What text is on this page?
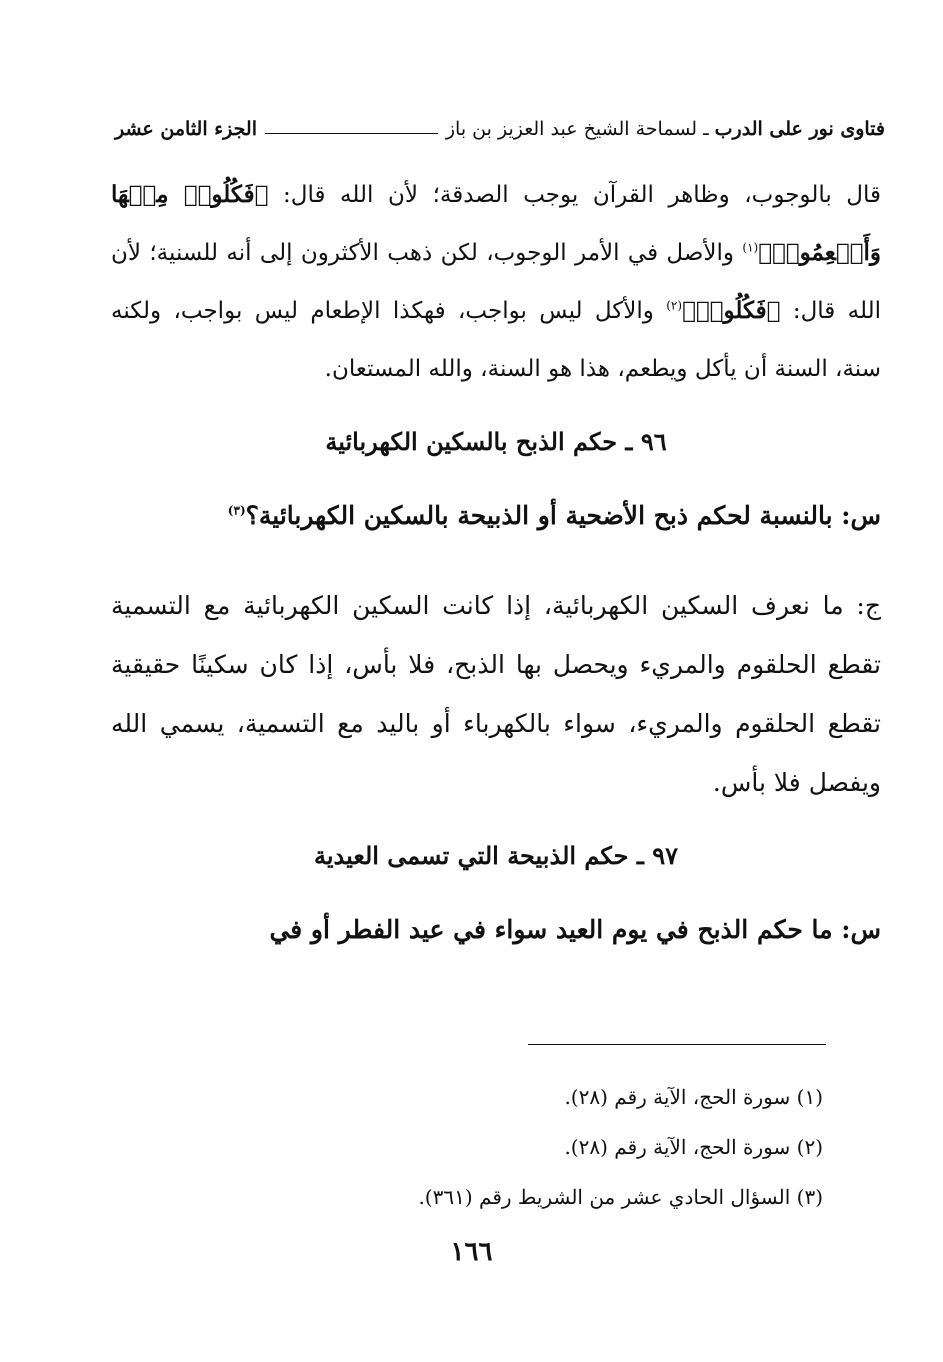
فتاوى نور على الدرب
ـ
لسماحة الشيخ عبد العزيز بن باز
الجزء الثامن عشر
قال بالوجوب، وظاهر القرآن يوجب الصدقة؛ لأن الله قال: ﴿فَكُلُوا۟ مِنۡهَا وَأَطۡعِمُوا۟﴾$^{(١)}$ والأصل في الأمر الوجوب، لكن ذهب الأكثرون إلى أنه للسنية؛ لأن الله قال: ﴿فَكُلُوا۟﴾$^{(٢)}$ والأكل ليس بواجب، فهكذا الإطعام ليس بواجب، ولكنه سنة، السنة أن يأكل ويطعم، هذا هو السنة، والله المستعان.
٩٦ ـ حكم الذبح بالسكين الكهربائية
س: بالنسبة لحكم ذبح الأضحية أو الذبيحة بالسكين الكهربائية؟$^{(٣)}$
ج: ما نعرف السكين الكهربائية، إذا كانت السكين الكهربائية مع التسمية تقطع الحلقوم والمريء ويحصل بها الذبح، فلا بأس، إذا كان سكينًا حقيقية تقطع الحلقوم والمريء، سواء بالكهرباء أو باليد مع التسمية، يسمي الله ويفصل فلا بأس.
٩٧ ـ حكم الذبيحة التي تسمى العيدية
س: ما حكم الذبح في يوم العيد سواء في عيد الفطر أو في
(١) سورة الحج، الآية رقم (٢٨).
(٢) سورة الحج، الآية رقم (٢٨).
(٣) السؤال الحادي عشر من الشريط رقم (٣٦١).
١٦٦
